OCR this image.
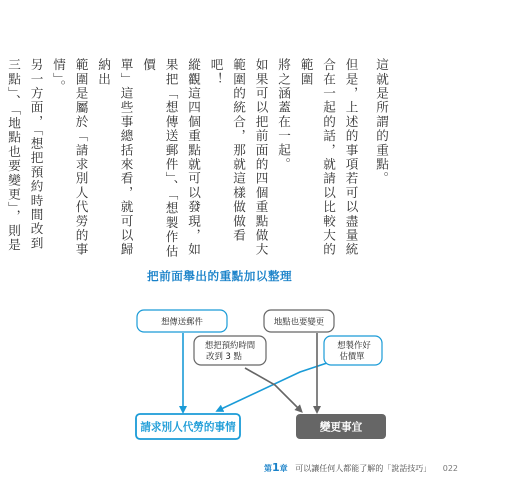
這就是所謂的重點。

但是，上述的事項若可以盡量統

合在一起的話，就請以比較大的範圍

將之涵蓋在一起。

如果可以把前面的四個重點做大

範圍的統合，那就這樣做做看吧！

縱觀這四個重點就可以發現，如

果把「想傳送郵件」、「想製作估價

單」這些事總括來看，就可以歸納出

範圍是屬於「請求別人代勞的事情」。

另一方面，「想把預約時間改到

三點」、「地點也要變更」，則是

把前面舉出的重點加以整理
想傳送郵件	地點也要變更
想把預約時間
改到 3 點
想製作好
估價單
請求別人代勞的事情	變更事宜
第1章 可以讓任何人都能了解的「說話技巧」 022
